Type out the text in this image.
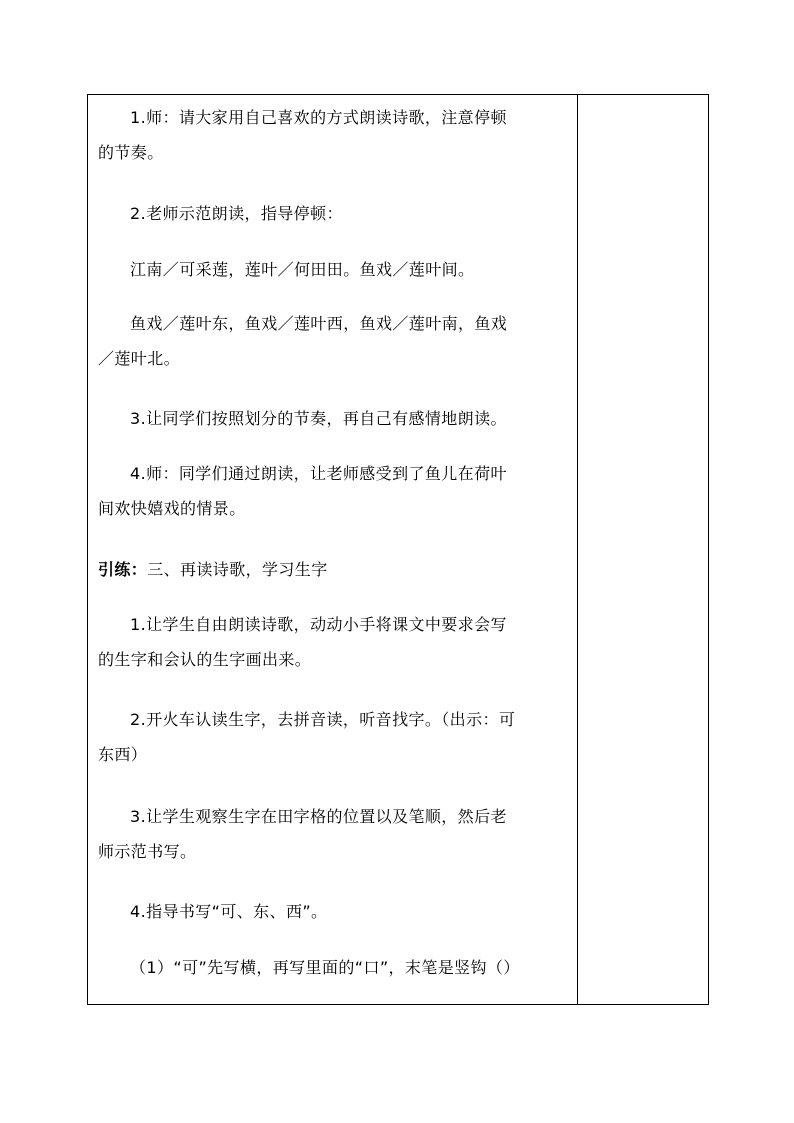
1.师：请大家用自己喜欢的方式朗读诗歌，注意停顿
的节奏。
2.老师示范朗读，指导停顿：
江南／可采莲，莲叶／何田田。鱼戏／莲叶间。
鱼戏／莲叶东，鱼戏／莲叶西，鱼戏／莲叶南，鱼戏
／莲叶北。
3.让同学们按照划分的节奏，再自己有感情地朗读。
4.师：同学们通过朗读，让老师感受到了鱼儿在荷叶
间欢快嬉戏的情景。
引练：三、再读诗歌，学习生字
1.让学生自由朗读诗歌，动动小手将课文中要求会写
的生字和会认的生字画出来。
2.开火车认读生字，去拼音读，听音找字。（出示：可
东西）
3.让学生观察生字在田字格的位置以及笔顺，然后老
师示范书写。
4.指导书写“可、东、西”。
（1）“可”先写横，再写里面的“口”，末笔是竖钩（）
